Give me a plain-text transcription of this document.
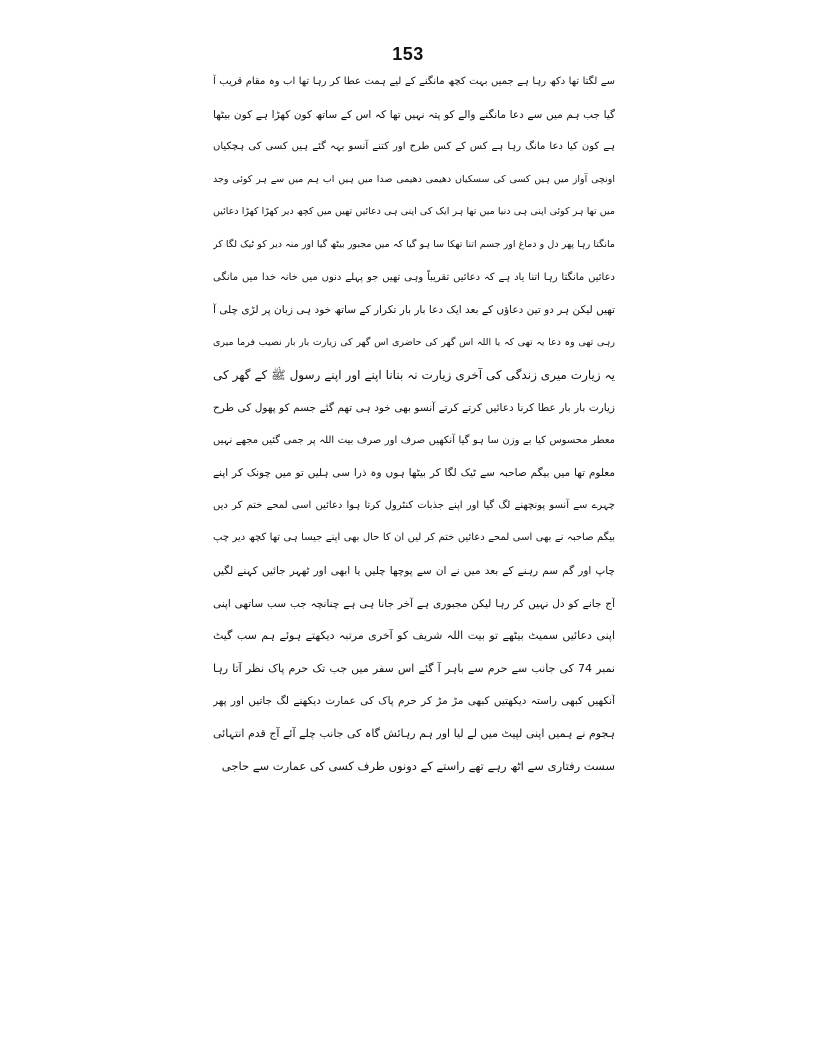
153
سے لگتا تھا دکھ رہا ہے جمیں بہت کچھ مانگنے کے لیے ہمت عطا کر رہا تھا اب وہ مقام قریب آ
گیا جب ہم میں سے دعا مانگنے والے کو پتہ نہیں تھا کہ اس کے ساتھ کون کھڑا ہے کون بیٹھا
ہے کون کیا دعا مانگ رہا ہے کس کے کس طرح اور کتنے آنسو بہہ گئے ہیں کسی کی ہچکیاں
اونچی آواز میں ہیں کسی کی سسکیاں دھیمی دھیمی صدا میں ہیں اب ہم میں سے ہر کوئی وجد
میں تھا ہر کوئی اپنی ہی دنیا میں تھا ہر ایک کی اپنی ہی دعائیں تھیں میں کچھ دیر کھڑا کھڑا دعائیں
مانگتا رہا پھر دل و دماغ اور جسم اتنا تھکا سا ہو گیا کہ میں مجبور بیٹھ گیا اور منہ دیر کو ٹیک لگا کر
دعائیں مانگتا رہا اتنا یاد ہے کہ دعائیں تقریباً وہی تھیں جو پہلے دنوں میں خانہ خدا میں مانگی
تھیں لیکن ہر دو تین دعاؤں کے بعد ایک دعا بار بار تکرار کے ساتھ خود ہی زبان پر لڑی چلی آ
رہی تھی وہ دعا یہ تھی کہ یا اللہ اس گھر کی حاضری اس گھر کی زیارت بار بار نصیب فرما میری
یہ زیارت میری زندگی کی آخری زیارت نہ بنانا اپنے اور اپنے رسول ﷺ کے گھر کی
زیارت بار بار عطا کرنا دعائیں کرتے کرتے آنسو بھی خود ہی تھم گئے جسم کو پھول کی طرح
معطر محسوس کیا بے وزن سا ہو گیا آنکھیں صرف اور صرف بیت اللہ پر جمی گئیں مجھے نہیں
معلوم تھا میں بیگم صاحبہ سے ٹیک لگا کر بیٹھا ہوں وہ ذرا سی ہلیں تو میں چونک کر اپنے
چہرے سے آنسو پونچھنے لگ گیا اور اپنے جذبات کنٹرول کرتا ہوا دعائیں اسی لمحے ختم کر دیں
بیگم صاحبہ نے بھی اسی لمحے دعائیں ختم کر لیں ان کا حال بھی اپنے جیسا ہی تھا کچھ دیر چپ
چاپ اور گم سم رہنے کے بعد میں نے ان سے پوچھا چلیں یا ابھی اور ٹھہر جائیں کہنے لگیں
آج جانے کو دل نہیں کر رہا لیکن مجبوری ہے آخر جانا ہی ہے چنانچہ جب سب ساتھی اپنی
اپنی دعائیں سمیٹ بیٹھے تو بیت اللہ شریف کو آخری مرتبہ دیکھتے ہوئے ہم سب گیٹ
نمبر 74 کی جانب سے حرم سے باہر آ گئے اس سفر میں جب تک حرم پاک نظر آتا رہا
آنکھیں کبھی راستہ دیکھتیں کبھی مڑ مڑ کر حرم پاک کی عمارت دیکھنے لگ جاتیں اور پھر
ہجوم نے ہمیں اپنی لپیٹ میں لے لیا اور ہم رہائش گاہ کی جانب چلے آئے آج قدم انتہائی
سست رفتاری سے اٹھ رہے تھے راستے کے دونوں طرف کسی کی عمارت سے حاجی
